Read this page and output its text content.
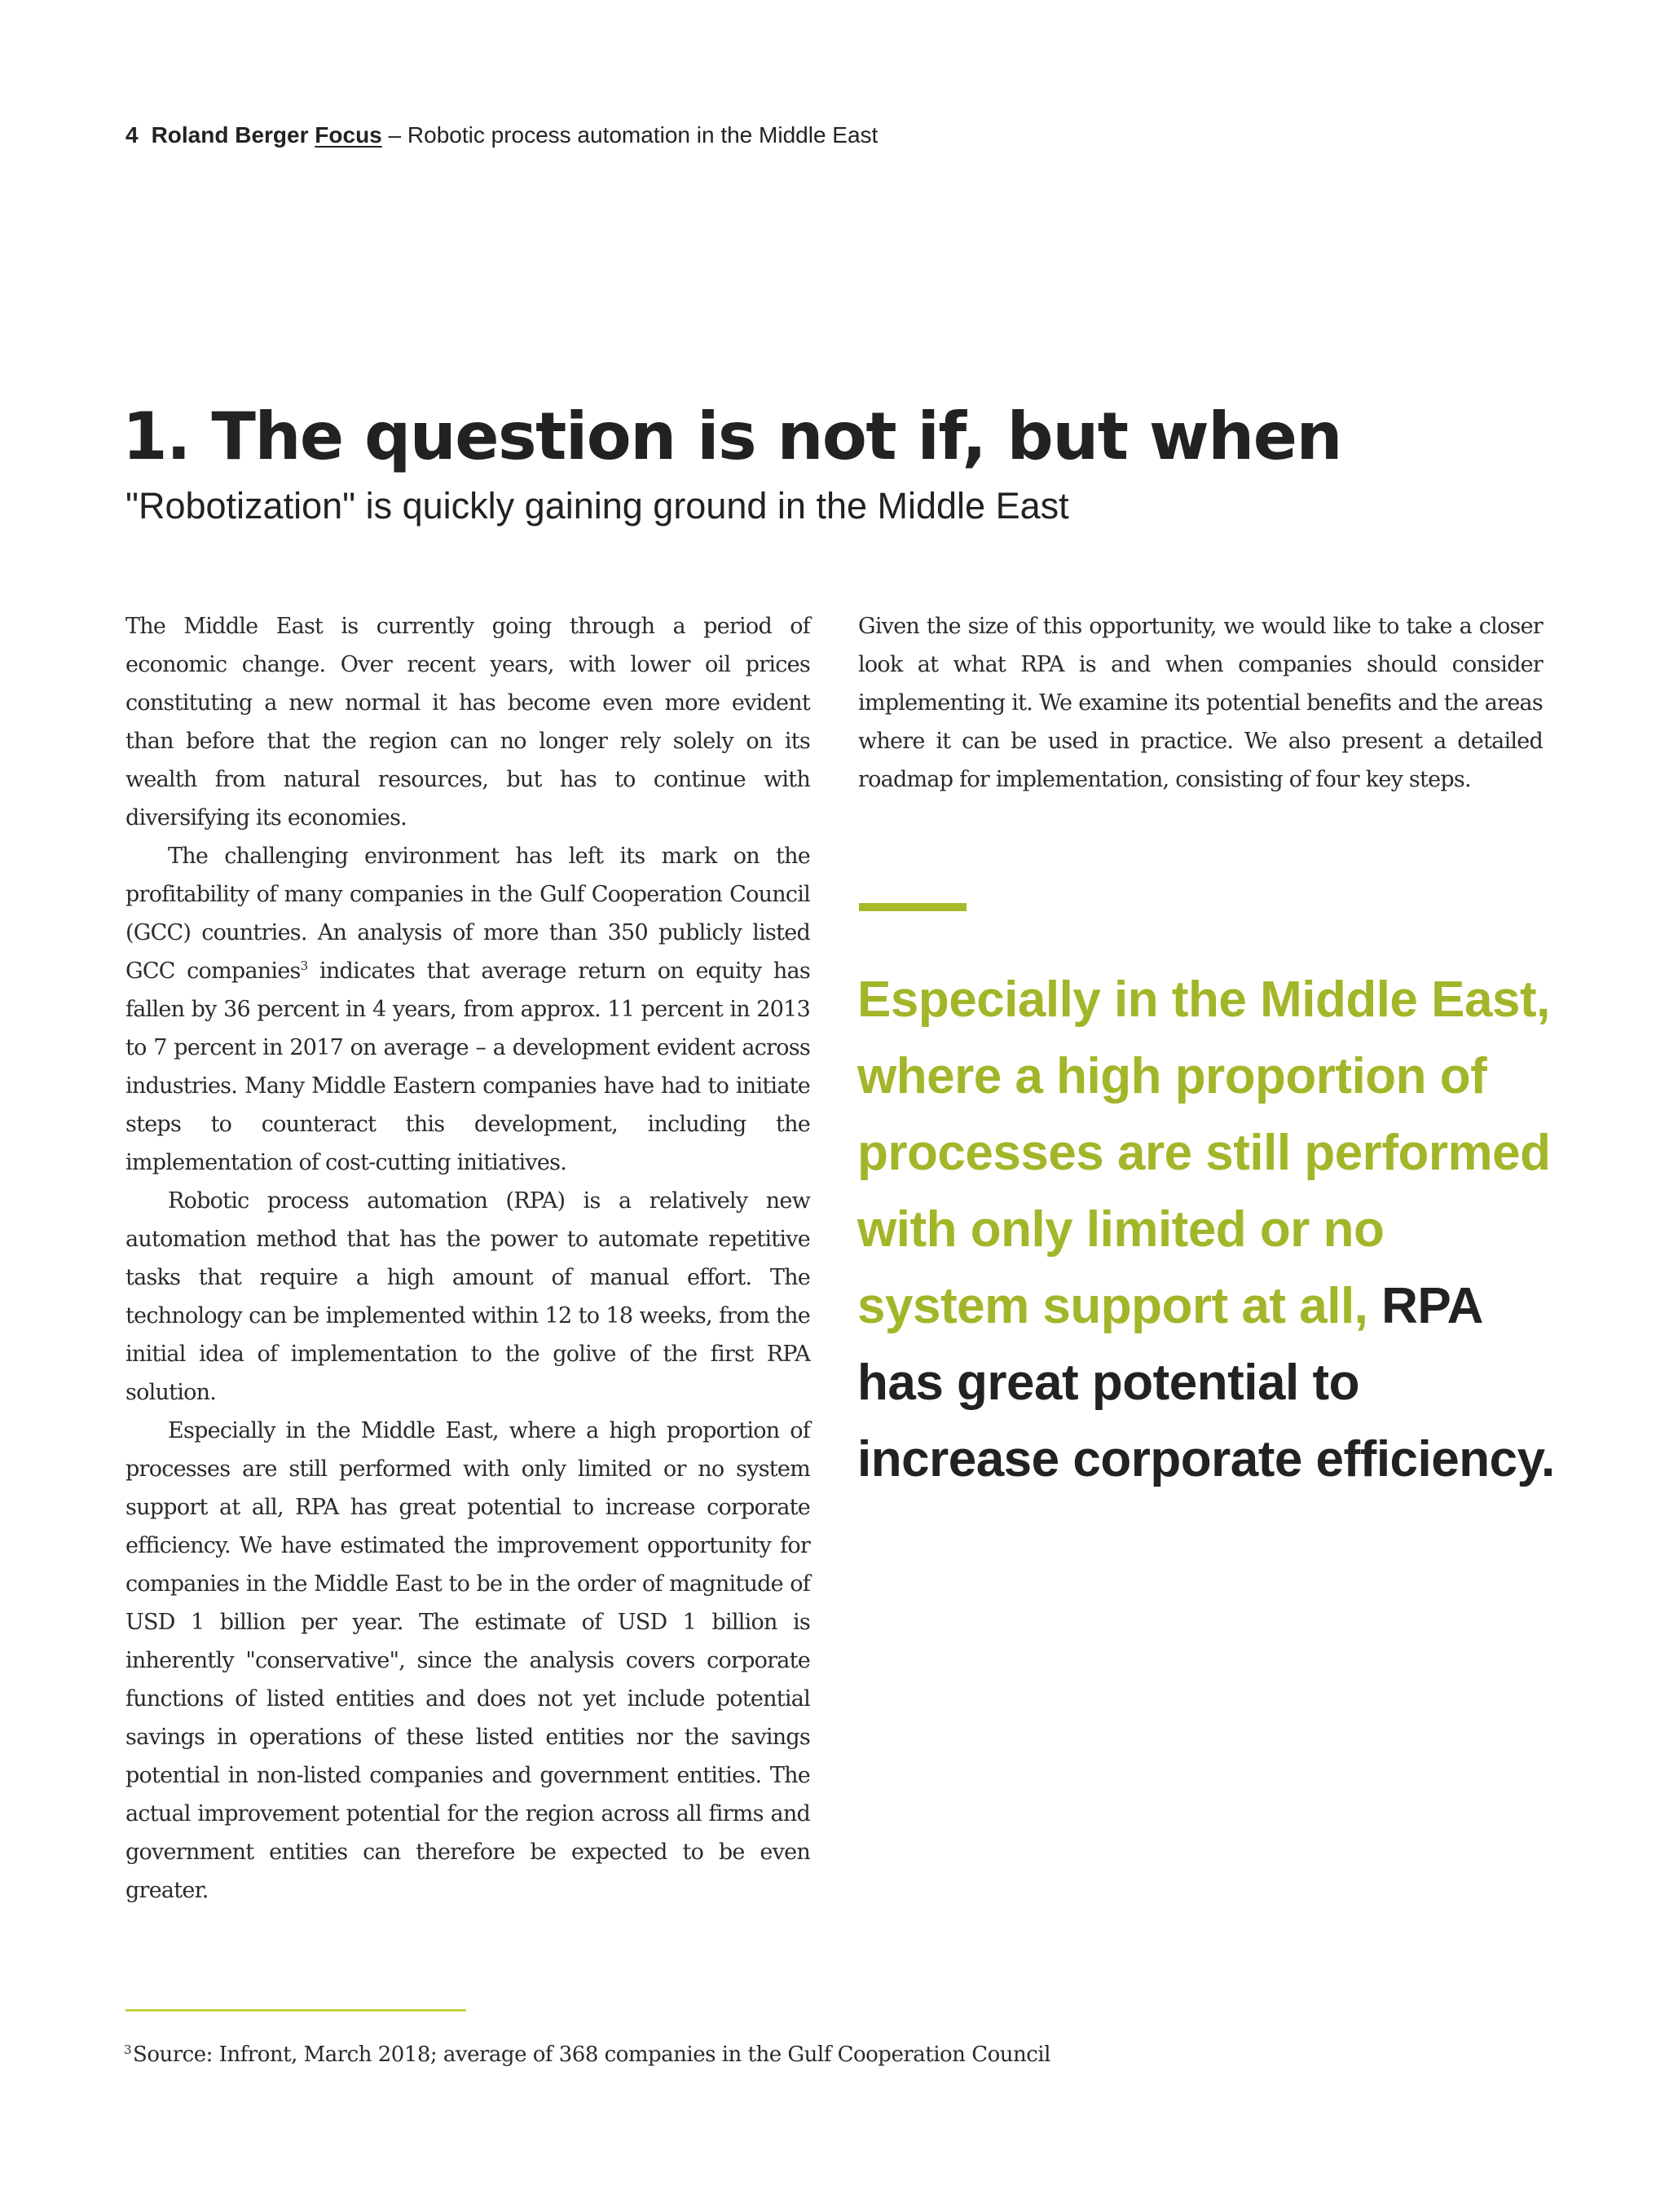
4 Roland Berger Focus – Robotic process automation in the Middle East
1. The question is not if, but when
"Robotization" is quickly gaining ground in the Middle East

The Middle East is currently going through a period of economic change. Over recent years, with lower oil prices constituting a new normal it has become even more evident than before that the region can no longer rely solely on its wealth from natural resources, but has to continue with diversifying its economies.

The challenging environment has left its mark on the profitability of many companies in the Gulf Cooperation Council (GCC) countries. An analysis of more than 350 publicly listed GCC companies$^3$ indicates that average return on equity has fallen by 36 percent in 4 years, from approx. 11 percent in 2013 to 7 percent in 2017 on average – a development evident across industries. Many Middle Eastern companies have had to initiate steps to counteract this development, including the implementation of cost-cutting initiatives.

Robotic process automation (RPA) is a relatively new automation method that has the power to automate repetitive tasks that require a high amount of manual effort. The technology can be implemented within 12 to 18 weeks, from the initial idea of implementation to the golive of the first RPA solution.

Especially in the Middle East, where a high proportion of processes are still performed with only limited or no system support at all, RPA has great potential to increase corporate efficiency. We have estimated the improvement opportunity for companies in the Middle East to be in the order of magnitude of USD 1 billion per year. The estimate of USD 1 billion is inherently "conservative", since the analysis covers corporate functions of listed entities and does not yet include potential savings in operations of these listed entities nor the savings potential in non-listed companies and government entities. The actual improvement potential for the region across all firms and government entities can therefore be expected to be even greater.

Given the size of this opportunity, we would like to take a closer look at what RPA is and when companies should consider implementing it. We examine its potential benefits and the areas where it can be used in practice. We also present a detailed roadmap for implementation, consisting of four key steps.

Especially in the Middle East, where a high proportion of processes are still performed with only limited or no system support at all, RPA has great potential to increase corporate efficiency.

$^3$Source: Infront, March 2018; average of 368 companies in the Gulf Cooperation Council
